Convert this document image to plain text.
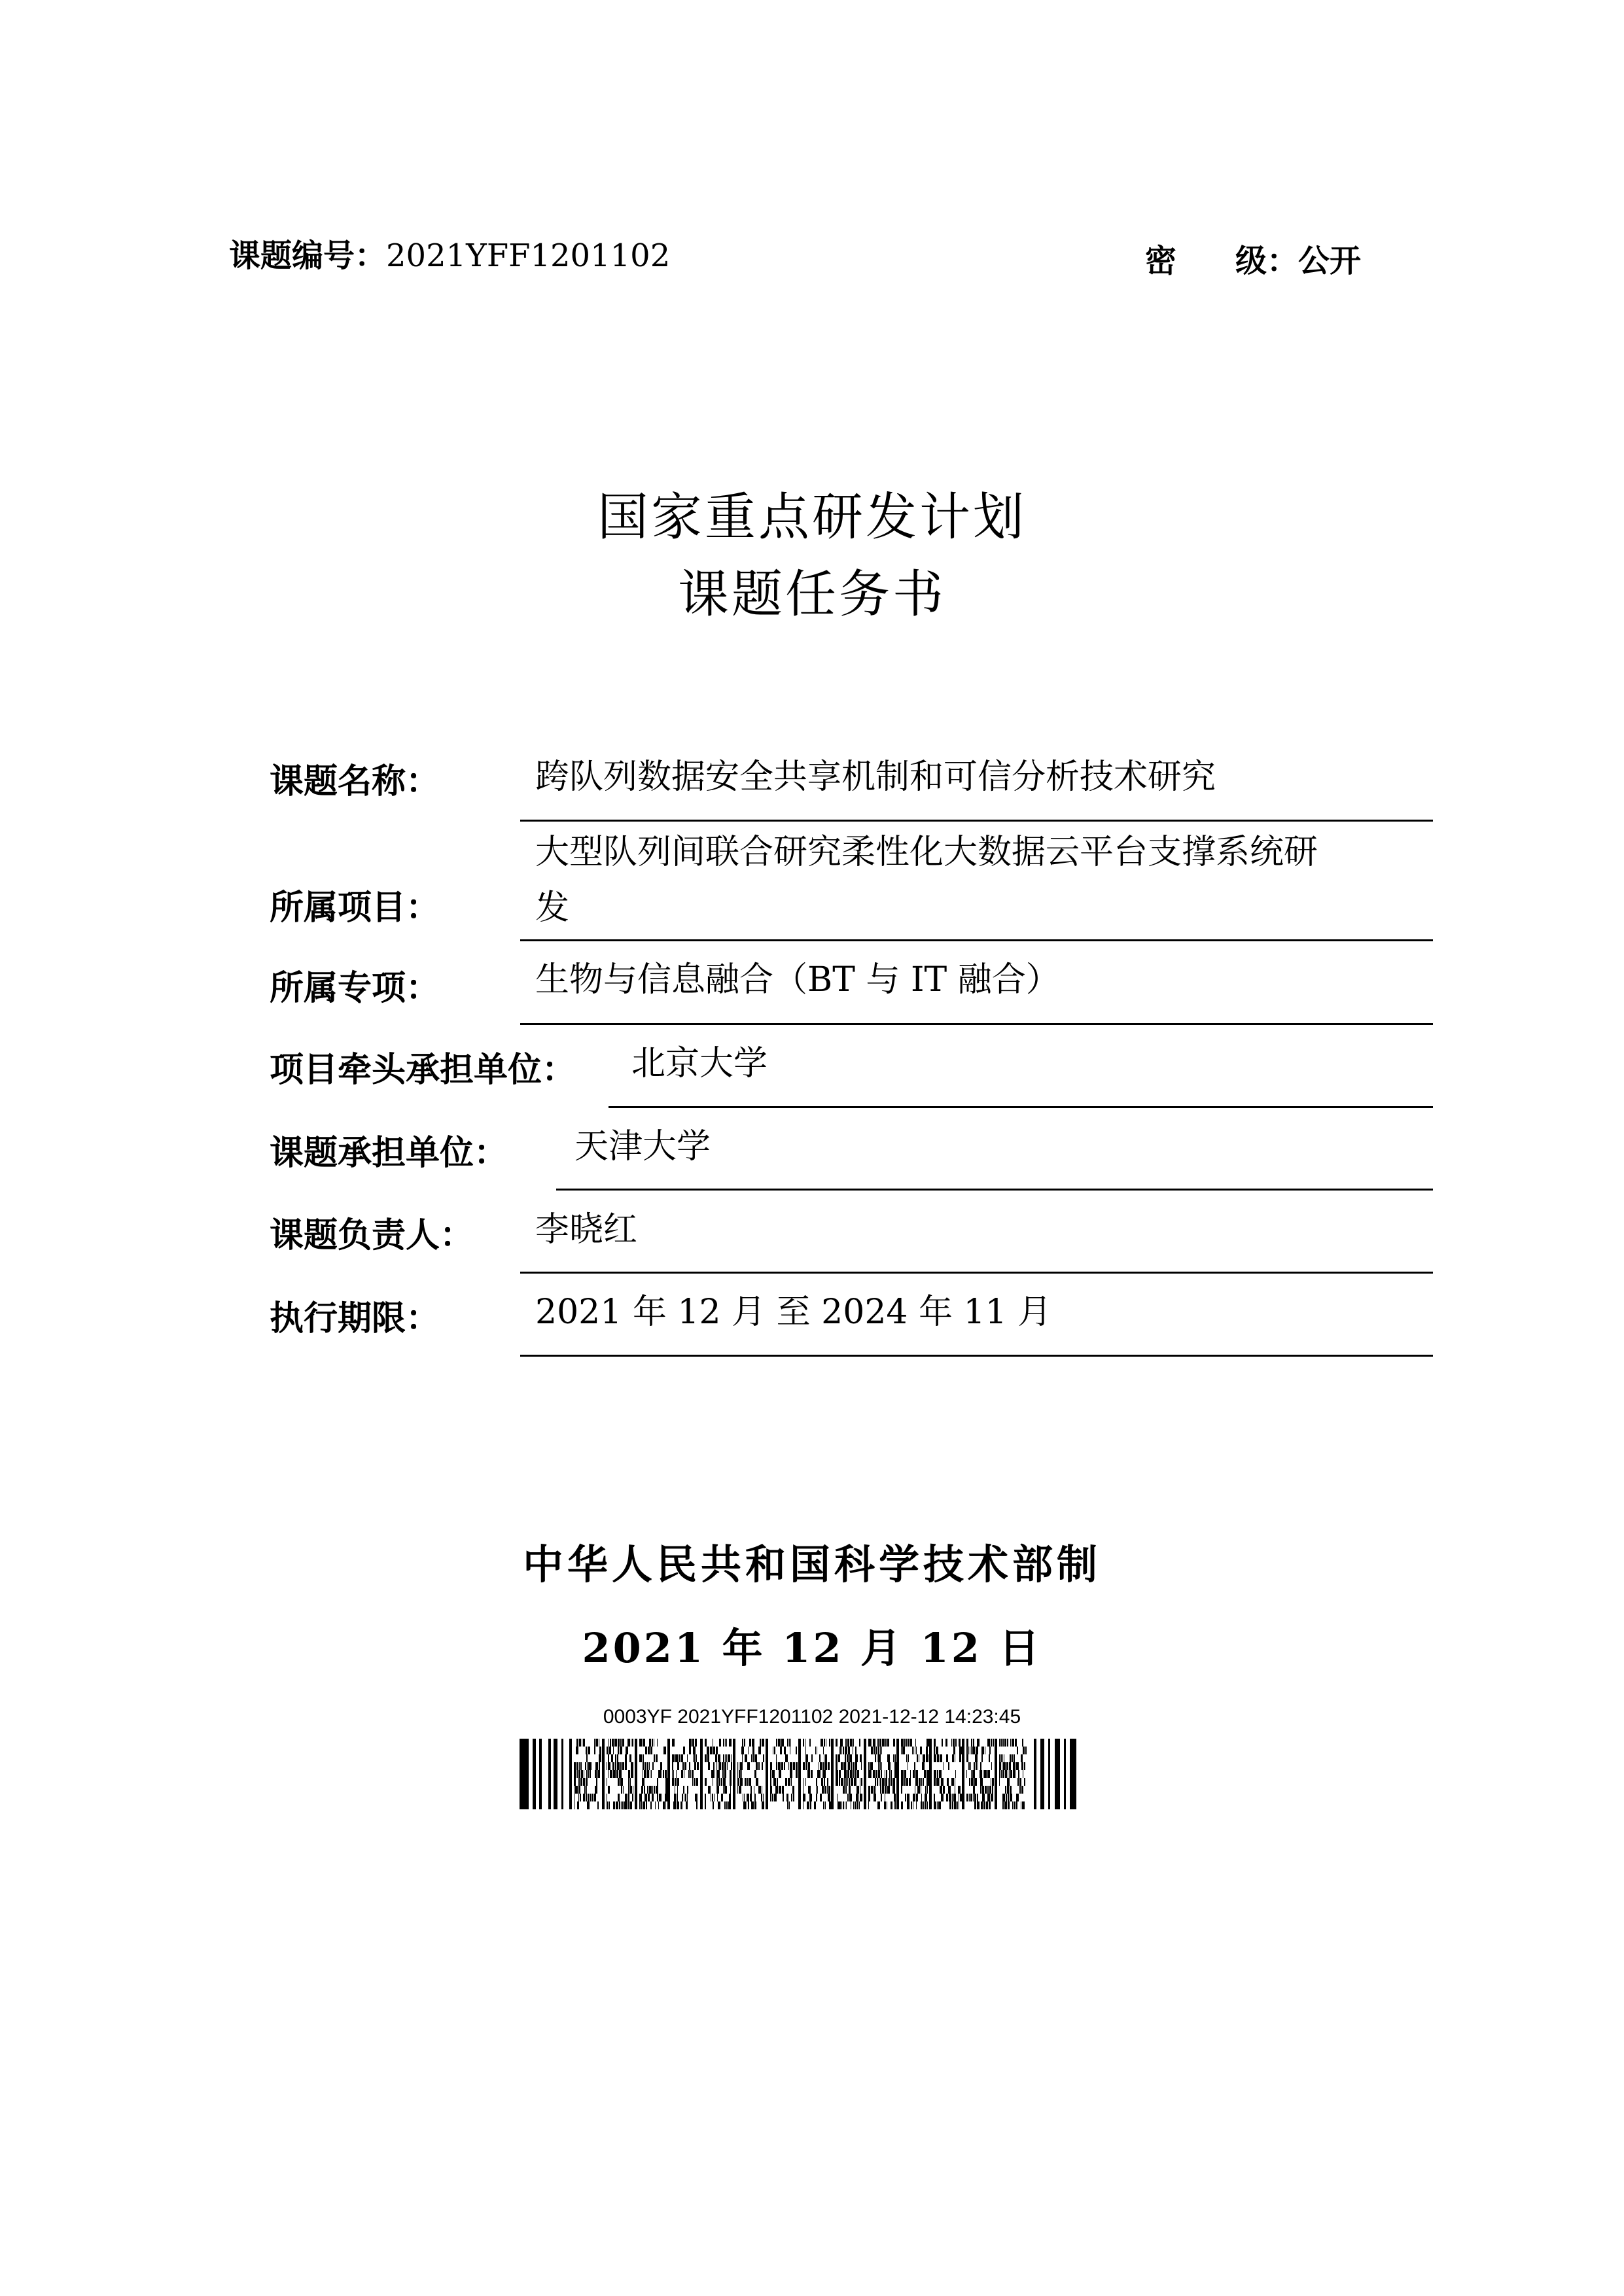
课题编号：2021YFF1201102	密 级：公开
国家重点研发计划
课题任务书
课题名称：	跨队列数据安全共享机制和可信分析技术研究
所属项目：
大型队列间联合研究柔性化大数据云平台支撑系统研
发
所属专项：	生物与信息融合（BT 与 IT 融合）
项目牵头承担单位： 北京大学
课题承担单位： 天津大学
课题负责人： 李晓红
执行期限：	2021 年 12 月 至 2024 年 11 月
中华人民共和国科学技术部制
2021 年 12 月 12 日
0003YF 2021YFF1201102 2021-12-12 14:23:45
